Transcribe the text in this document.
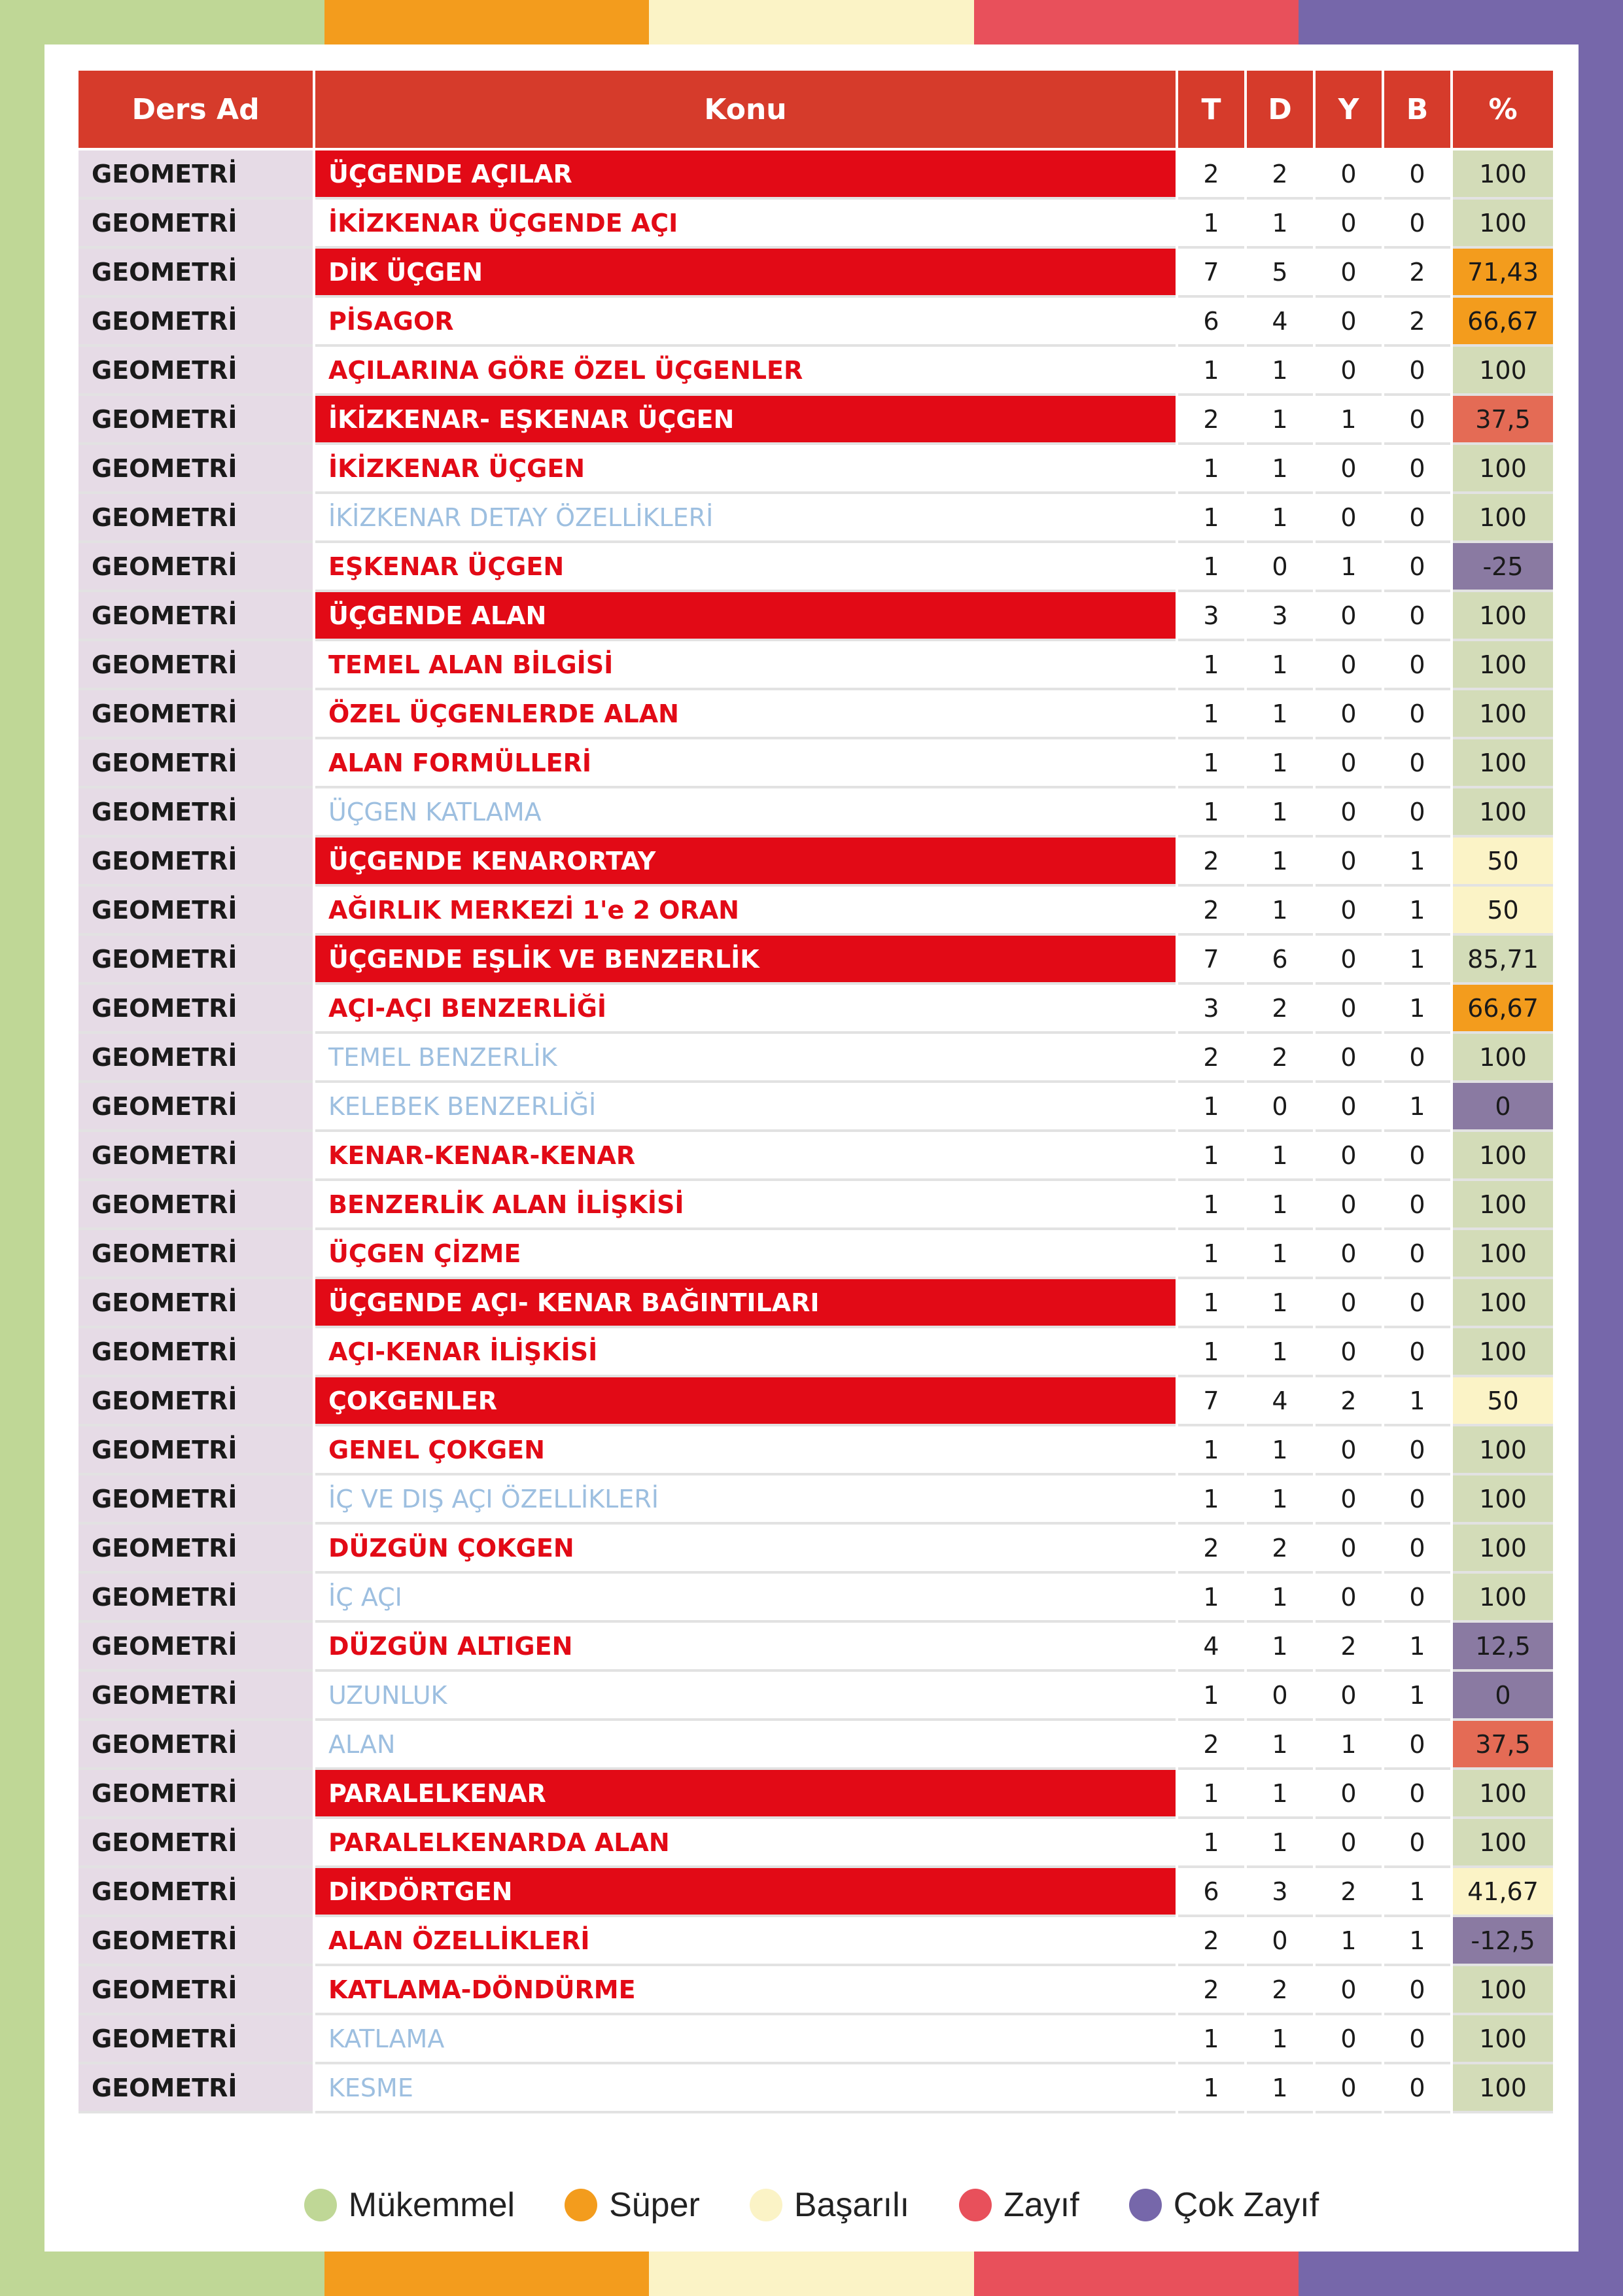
Ders Ad	Konu	T	D	Y	B	%
GEOMETRİ	ÜÇGENDE AÇILAR	2	2	0	0	100
GEOMETRİ	İKİZKENAR ÜÇGENDE AÇI	1	1	0	0	100
GEOMETRİ	DİK ÜÇGEN	7	5	0	2	71,43
GEOMETRİ	PİSAGOR	6	4	0	2	66,67
GEOMETRİ	AÇILARINA GÖRE ÖZEL ÜÇGENLER	1	1	0	0	100
GEOMETRİ	İKİZKENAR- EŞKENAR ÜÇGEN	2	1	1	0	37,5
GEOMETRİ	İKİZKENAR ÜÇGEN	1	1	0	0	100
GEOMETRİ	İKİZKENAR DETAY ÖZELLİKLERİ	1	1	0	0	100
GEOMETRİ	EŞKENAR ÜÇGEN	1	0	1	0	-25
GEOMETRİ	ÜÇGENDE ALAN	3	3	0	0	100
GEOMETRİ	TEMEL ALAN BİLGİSİ	1	1	0	0	100
GEOMETRİ	ÖZEL ÜÇGENLERDE ALAN	1	1	0	0	100
GEOMETRİ	ALAN FORMÜLLERİ	1	1	0	0	100
GEOMETRİ	ÜÇGEN KATLAMA	1	1	0	0	100
GEOMETRİ	ÜÇGENDE KENARORTAY	2	1	0	1	50
GEOMETRİ	AĞIRLIK MERKEZİ 1'e 2 ORAN	2	1	0	1	50
GEOMETRİ	ÜÇGENDE EŞLİK VE BENZERLİK	7	6	0	1	85,71
GEOMETRİ	AÇI-AÇI BENZERLİĞİ	3	2	0	1	66,67
GEOMETRİ	TEMEL BENZERLİK	2	2	0	0	100
GEOMETRİ	KELEBEK BENZERLİĞİ	1	0	0	1	0
GEOMETRİ	KENAR-KENAR-KENAR	1	1	0	0	100
GEOMETRİ	BENZERLİK ALAN İLİŞKİSİ	1	1	0	0	100
GEOMETRİ	ÜÇGEN ÇİZME	1	1	0	0	100
GEOMETRİ	ÜÇGENDE AÇI- KENAR BAĞINTILARI	1	1	0	0	100
GEOMETRİ	AÇI-KENAR İLİŞKİSİ	1	1	0	0	100
GEOMETRİ	ÇOKGENLER	7	4	2	1	50
GEOMETRİ	GENEL ÇOKGEN	1	1	0	0	100
GEOMETRİ	İÇ VE DIŞ AÇI ÖZELLİKLERİ	1	1	0	0	100
GEOMETRİ	DÜZGÜN ÇOKGEN	2	2	0	0	100
GEOMETRİ	İÇ AÇI	1	1	0	0	100
GEOMETRİ	DÜZGÜN ALTIGEN	4	1	2	1	12,5
GEOMETRİ	UZUNLUK	1	0	0	1	0
GEOMETRİ	ALAN	2	1	1	0	37,5
GEOMETRİ	PARALELKENAR	1	1	0	0	100
GEOMETRİ	PARALELKENARDA ALAN	1	1	0	0	100
GEOMETRİ	DİKDÖRTGEN	6	3	2	1	41,67
GEOMETRİ	ALAN ÖZELLİKLERİ	2	0	1	1	-12,5
GEOMETRİ	KATLAMA-DÖNDÜRME	2	2	0	0	100
GEOMETRİ	KATLAMA	1	1	0	0	100
GEOMETRİ	KESME	1	1	0	0	100
Mükemmel	Süper	Başarılı	Zayıf	Çok Zayıf
